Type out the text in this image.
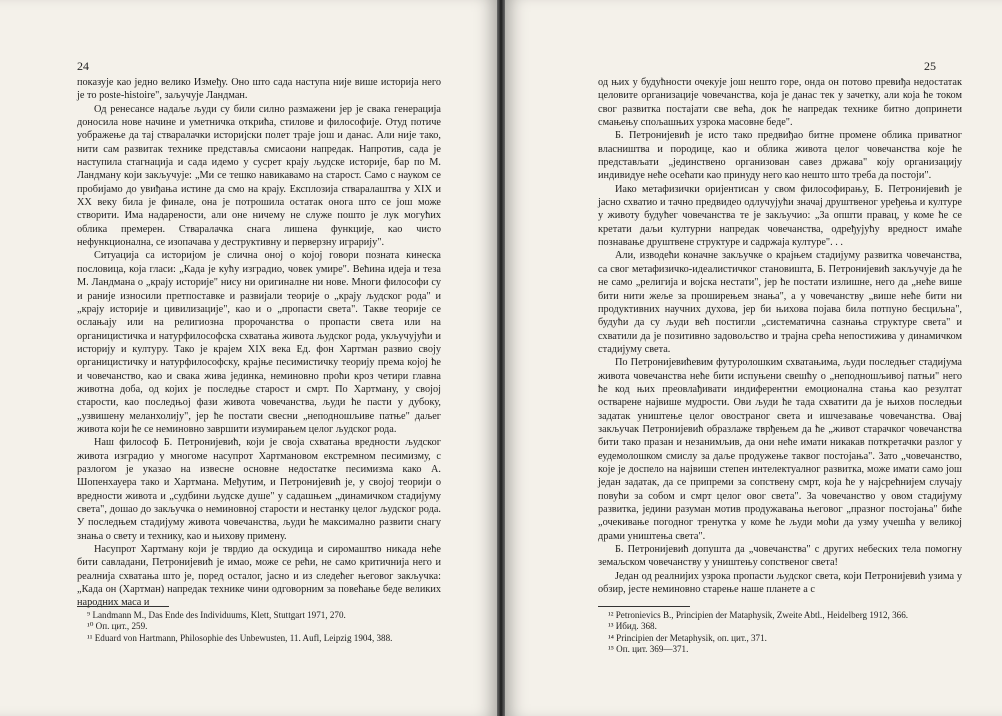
24

показује као једно велико Између. Оно што сада наступа није више историја него је то poste-histoire", заључује Ландман.

Од ренесансе надаље људи су били силно размажени јер је свака генерација доносила нове начине и уметничка открића, стилове и философије. Отуд потиче уображење да тај стваралачки историјски полет траје још и данас. Али није тако, нити сам развитак технике представља смисаони напредак. Напротив, сада је наступила стагнација и сада идемо у сусрет крају људске историје, бар по М. Ландману који закључује: „Ми се тешко навикавамо на старост. Само с науком се пробијамо до увиђања истине да смо на крају. Експлозија стваралаштва у XIX и XX веку била је финале, она је потрошила остатак онога што се још може створити. Има надарености, али оне ничему не служе пошто је лук могућих облика премерен. Стваралачка снага лишена функције, као чисто нефункционална, се изопачава у деструктивну и перверзну играрију".

Ситуација са историјом је слична оној о којој говори позната кинеска пословица, која гласи: „Када је кућу изградио, човек умире". Већина идеја и теза М. Ландмана о „крају историје" нису ни оригиналне ни нове. Многи философи су и раније износили претпоставке и развијали теорије о „крају људског рода" и „крају историје и цивилизације", као и о „пропасти света". Такве теорије се ослањају или на религиозна пророчанства о пропасти света или на органицистичка и натурфилософска схватања живота људског рода, укључујући и историју и културу. Тако је крајем XIX века Ед. фон Хартман развио своју органицистичку и натурфилософску, крајње песимистичку теорију према којој ће и човечанство, као и свака жива јединка, неминовно проћи кроз четири главна животна доба, од којих је последње старост и смрт. По Хартману, у својој старости, као последњој фази живота човечанства, људи ће пасти у дубоку, „узвишену меланхолију", јер ће постати свесни „неподношљиве патње" даљег живота који ће се неминовно завршити изумирањем целог људског рода.

Наш философ Б. Петронијевић, који је своја схватања вредности људског живота изградио у многоме насупрот Хартмановом екстремном песимизму, с разлогом је указао на извесне основне недостатке песимизма како А. Шопенхауера тако и Хартмана. Међутим, и Петронијевић је, у својој теорији о вредности живота и „судбини људске душе" у садашњем „динамичком стадијуму света", дошао до закључка о неминовној старости и нестанку целог људског рода. У последњем стадијуму живота човечанства, људи ће максимално развити снагу знања о свету и технику, као и њихову примену.

Насупрот Хартману који је тврдио да оскудица и сиромаштво никада неће бити савладани, Петронијевић је имао, може се рећи, не само критичнија него и реалнија схватања што је, поред осталог, јасно и из следећег његовог закључка: „Када он (Хартман) напредак технике чини одговорним за повећање беде великих народних маса и

⁹ Landmann M., Das Ende des Individuums, Klett, Stuttgart 1971, 270.

¹⁰ Оп. цит., 259.

¹¹ Eduard von Hartmann, Philosophie des Unbewusten, 11. Aufl, Leipzig 1904, 388.

25

од њих у будућности очекује још нешто горе, онда он потово превиђа недостатак целовите организације човечанства, која је данас тек у зачетку, али која ће током свог развитка постајати све већа, док ће напредак технике битно допринети смањењу спољашњих узрока масовне беде".

Б. Петронијевић је исто тако предвиђао битне промене облика приватног власништва и породице, као и облика живота целог човечанства које ће представљати „јединствено организован савез држава" коју организацију индивидуе неће осећати као принуду него као нешто што треба да постоји".

Иако метафизички оријентисан у свом философирању, Б. Петронијевић је јасно схватио и тачно предвидео одлучујући значај друштвеног уређења и културе у животу будућег човечанства те је закључио: „За општи правац, у коме ће се кретати даљи културни напредак човечанства, одређујућу вредност имаће познавање друштвене структуре и садржаја културе". . .

Али, изводећи коначне закључке о крајњем стадијуму развитка човечанства, са свог метафизичко-идеалистичког становишта, Б. Петронијевић закључује да ће не само „религија и војска нестати", јер ће постати излишне, него да „неће више бити нити жеље за проширењем знања", а у човечанству „више неће бити ни продуктивних научних духова, јер би њихова појава била потпуно бесциљна", будући да су људи већ постигли „систематична сазнања структуре света" и схватили да је позитивно задовољство и трајна срећа непостижива у динамичком стадијуму света.

По Петронијевићевим футуролошким схватањима, људи последњег стадијума живота човечанства неће бити испуњени свешћу о „неподношљивој патњи" него ће код њих преовлађивати индиферентни емоционална стања као резултат остварене највише мудрости. Ови људи ће тада схватити да је њихов последњи задатак уништење целог овостраног света и ишчезавање човечанства. Овај закључак Петронијевић образлаже тврђењем да ће „живот старачког човечанства бити тако празан и незанимљив, да они неће имати никакав поткретачки разлог у еудемолошком смислу за даље продужење таквог постојања". Зато „човечанство, које је доспело на највиши степен интелектуалног развитка, може имати само још један задатак, да се припреми за сопствену смрт, која ће у најсрећнијем случају повући за собом и смрт целог овог света". За човечанство у овом стадијуму развитка, једини разуман мотив продужавања његовог „празног постојања" биће „очекивање погодног тренутка у коме ће људи моћи да узму учешћа у великој драми уништења света".

Б. Петронијевић допушта да „човечанства" с других небеских тела помогну земаљском човечанству у уништењу сопственог света!

Један од реалнијих узрока пропасти људског света, који Петронијевић узима у обзир, јесте неминовно старење наше планете а с

¹² Petronievics B., Principien der Mataphysik, Zweite Abtl., Heidelberg 1912, 366.

¹³ Ибид. 368.

¹⁴ Principien der Metaphysik, оп. цит., 371.

¹⁵ Оп. цит. 369—371.
